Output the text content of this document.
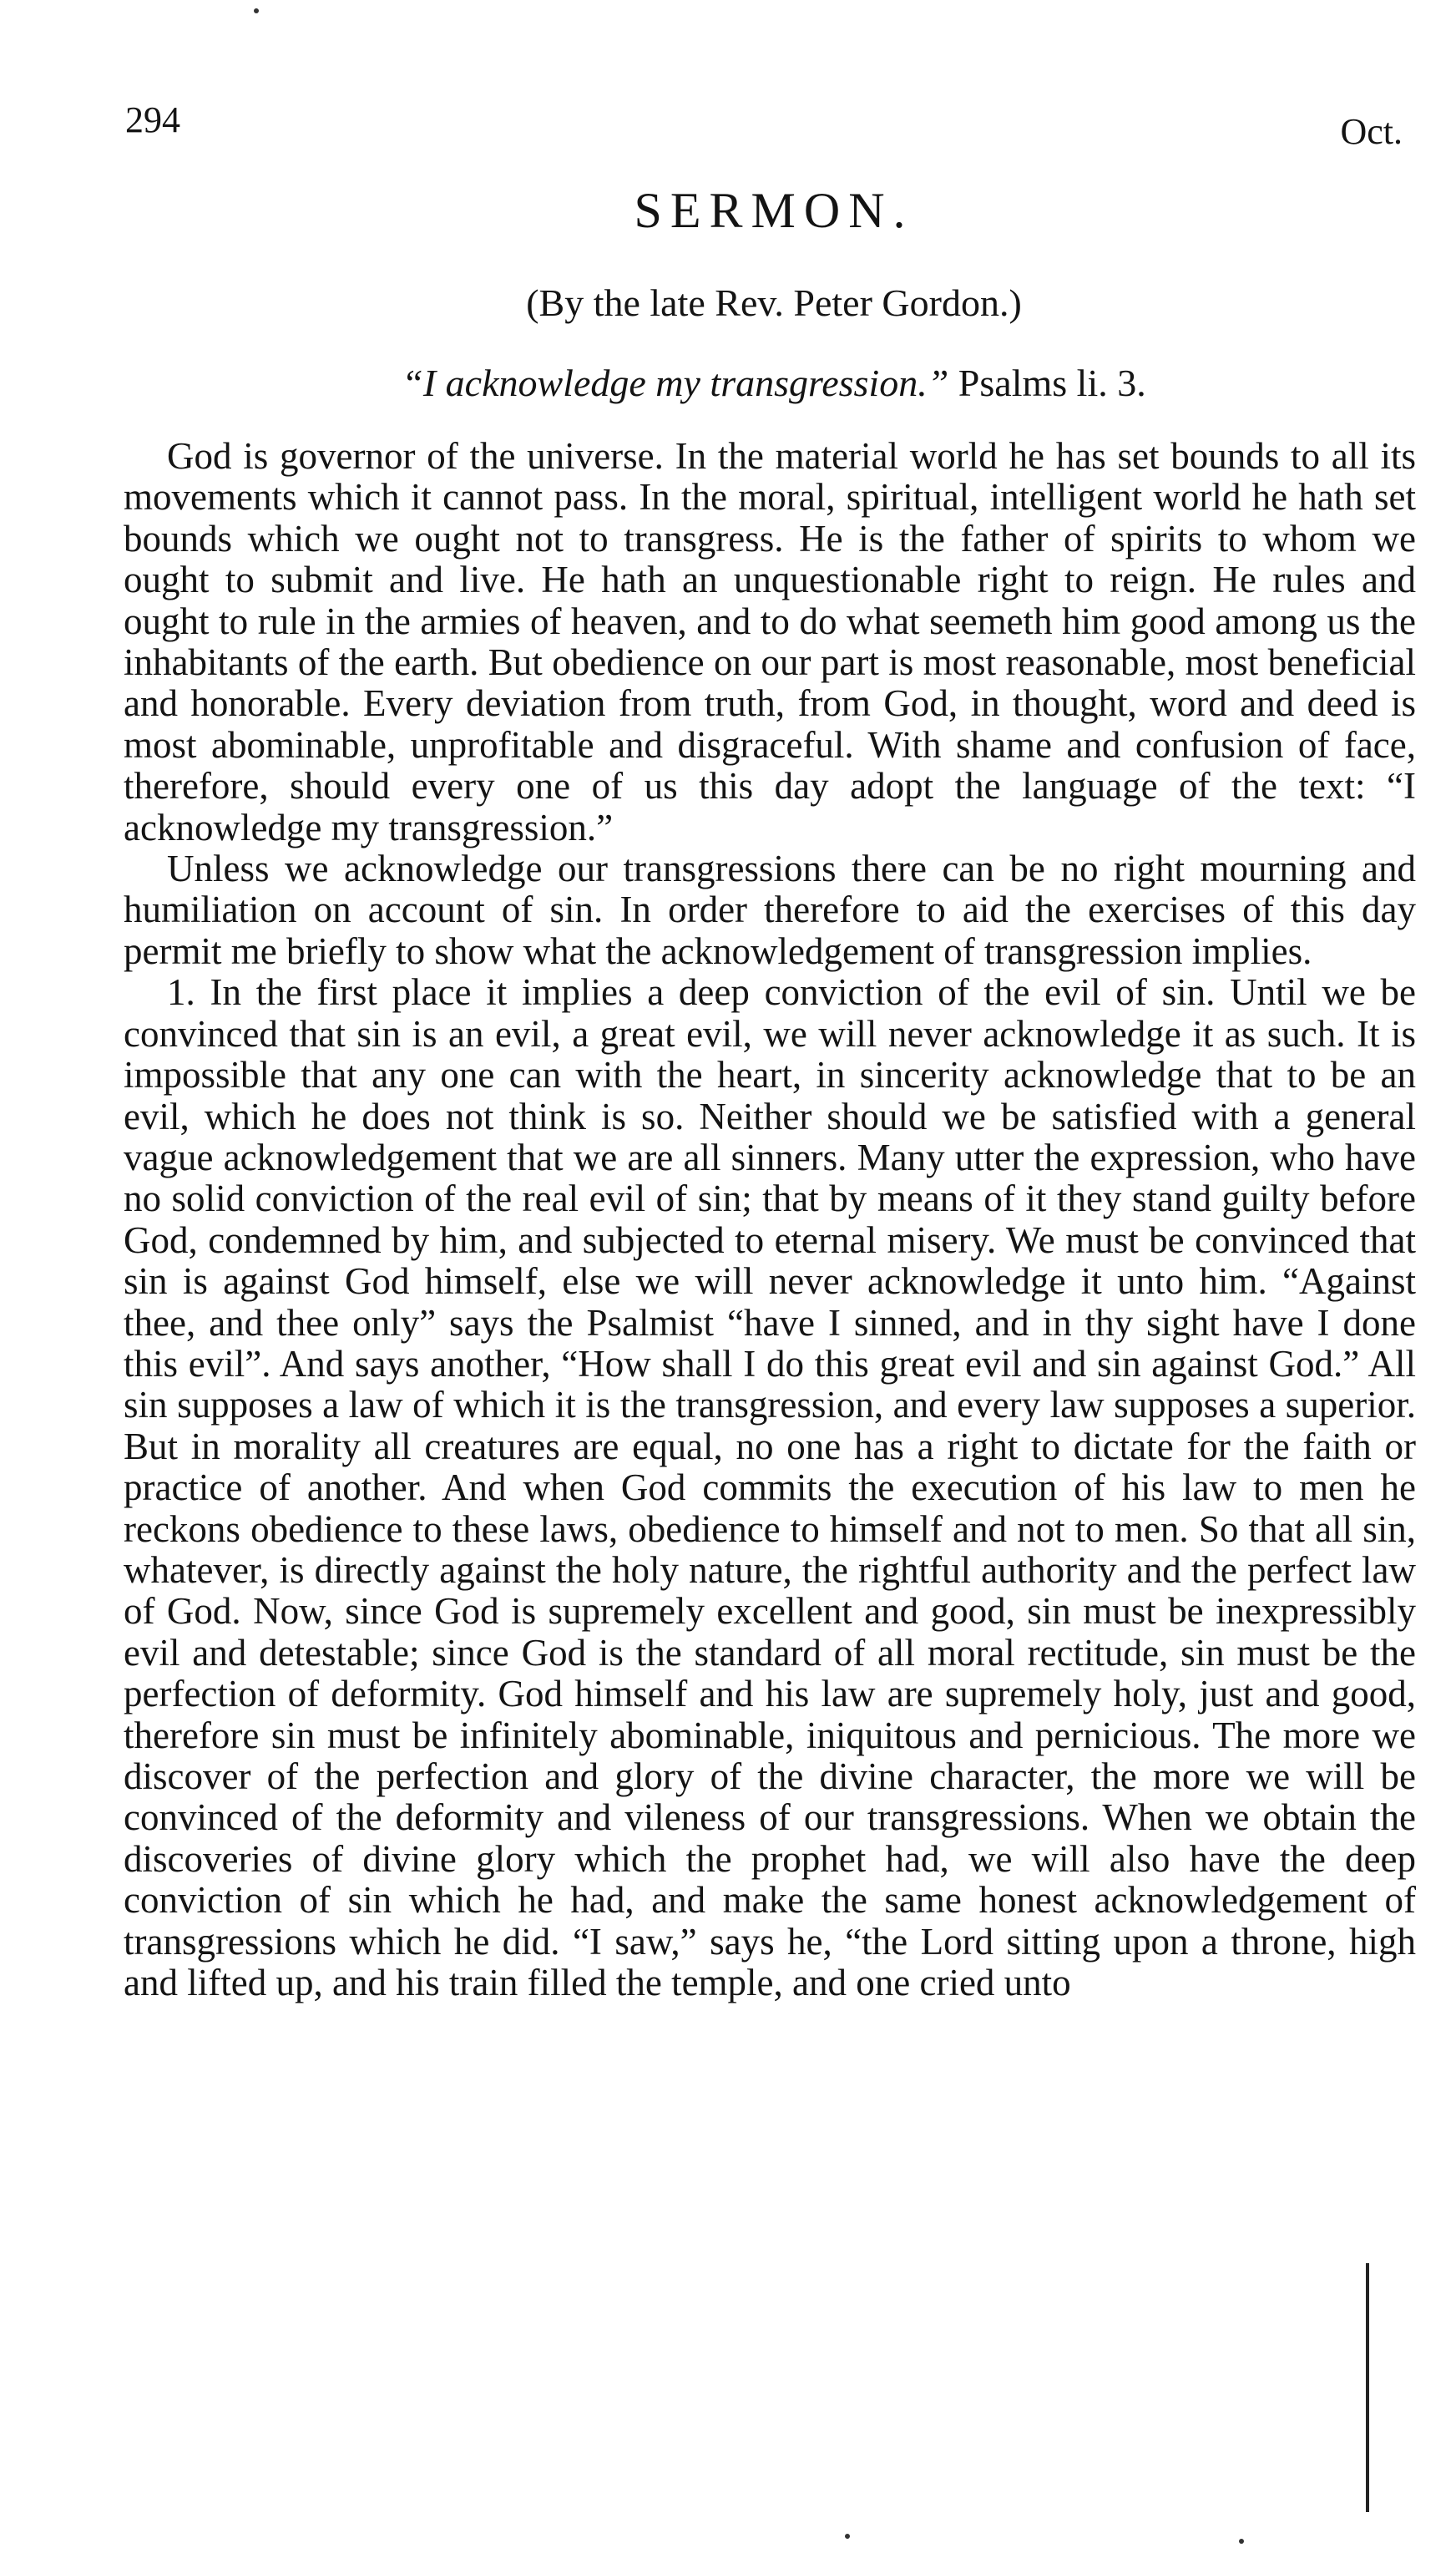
294	Oct.
SERMON.
(By the late Rev. Peter Gordon.)
“I acknowledge my transgression.” Psalms li. 3.

God is governor of the universe. In the material world he has set bounds to all its movements which it cannot pass. In the moral, spiritual, intelligent world he hath set bounds which we ought not to transgress. He is the father of spirits to whom we ought to submit and live. He hath an unquestionable right to reign. He rules and ought to rule in the armies of heaven, and to do what seemeth him good among us the inhabitants of the earth. But obedience on our part is most reasonable, most beneficial and honorable. Every deviation from truth, from God, in thought, word and deed is most abominable, unprofitable and disgraceful. With shame and confusion of face, therefore, should every one of us this day adopt the language of the text: “I acknowledge my transgression.”

Unless we acknowledge our transgressions there can be no right mourning and humiliation on account of sin. In order therefore to aid the exercises of this day permit me briefly to show what the acknowledgement of transgression implies.

1. In the first place it implies a deep conviction of the evil of sin. Until we be convinced that sin is an evil, a great evil, we will never acknowledge it as such. It is impossible that any one can with the heart, in sincerity acknowledge that to be an evil, which he does not think is so. Neither should we be satisfied with a general vague acknowledgement that we are all sinners. Many utter the expression, who have no solid conviction of the real evil of sin; that by means of it they stand guilty before God, condemned by him, and subjected to eternal misery. We must be convinced that sin is against God himself, else we will never acknowledge it unto him. “Against thee, and thee only” says the Psalmist “have I sinned, and in thy sight have I done this evil”. And says another, “How shall I do this great evil and sin against God.” All sin supposes a law of which it is the transgression, and every law supposes a superior. But in morality all creatures are equal, no one has a right to dictate for the faith or practice of another. And when God commits the execution of his law to men he reckons obedience to these laws, obedience to himself and not to men. So that all sin, whatever, is directly against the holy nature, the rightful authority and the perfect law of God. Now, since God is supremely excellent and good, sin must be inexpressibly evil and detestable; since God is the standard of all moral rectitude, sin must be the perfection of deformity. God himself and his law are supremely holy, just and good, therefore sin must be infinitely abominable, iniquitous and pernicious. The more we discover of the perfection and glory of the divine character, the more we will be convinced of the deformity and vileness of our transgressions. When we obtain the discoveries of divine glory which the prophet had, we will also have the deep conviction of sin which he had, and make the same honest acknowledgement of transgressions which he did. “I saw,” says he, “the Lord sitting upon a throne, high and lifted up, and his train filled the temple, and one cried unto
